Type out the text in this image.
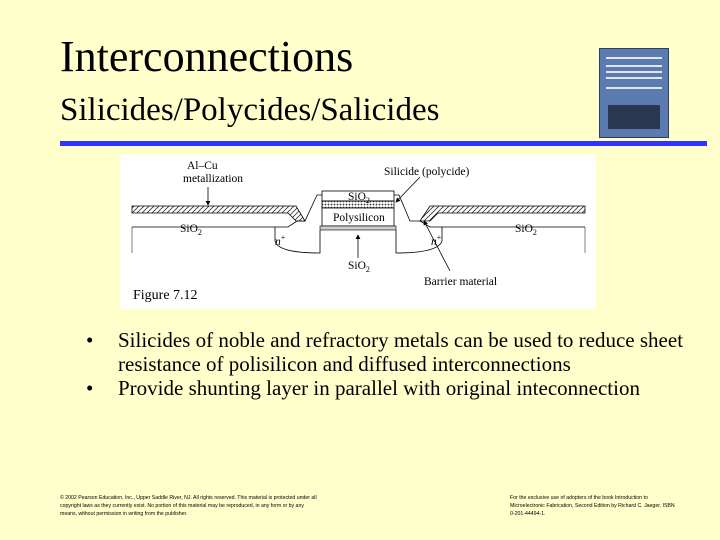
Interconnections
Silicides/Polycides/Salicides
Al–Cu
metallization
Silicide (polycide)
SiO$_2$
Polysilicon
SiO$_2$	SiO$_2$
n+	n+
SiO$_2$
Barrier material
Figure 7.12
• Silicides of noble and refractory metals can be used to reduce sheet resistance of polisilicon and diffused interconnections
• Provide shunting layer in parallel with original inteconnection
© 2002 Pearson Education, Inc., Upper Saddle River, NJ. All rights reserved. This material is protected under all copyright laws as they currently exist. No portion of this material may be reproduced, in any form or by any means, without permission in writing from the publisher.
For the exclusive use of adopters of the book Introduction to Microelectronic Fabrication, Second Edition by Richard C. Jaeger. ISBN 0-201-44494-1.
